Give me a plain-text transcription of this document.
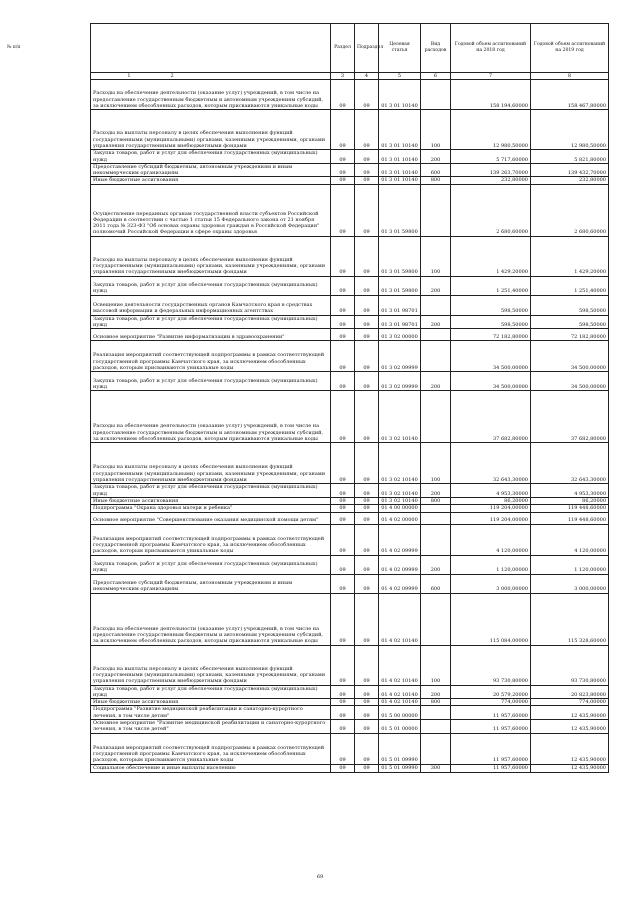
№ п/п	Раздел	Подраздел	Целевая статья	Вид расходов	Годовой объем ассигнований на 2018 год	Годовой объем ассигнований на 2019 год
1 2	3	4	5	6	7	8
Расходы на обеспечение деятельности (оказание услуг) учреждений, в том числе на предоставление государственным бюджетным и автономным учреждениям субсидий, за исключением обособленных расходов, которым присваиваются уникальные коды	09	09	01 3 01 10140		158 194,60000	158 467,80000
Расходы на выплаты персоналу в целях обеспечения выполнения функций государственными (муниципальными) органами, казенными учреждениями, органами управления государственными внебюджетными фондами	09	09	01 3 01 10140	100	12 980,50000	12 980,50000
Закупка товаров, работ и услуг для обеспечения государственных (муниципальных) нужд	09	09	01 3 01 10140	200	5 717,60000	5 821,80000
Предоставление субсидий бюджетным, автономным учреждениям и иным некоммерческим организациям	09	09	01 3 01 10140	600	139 263,70000	139 432,70000
Иные бюджетные ассигнования	09	09	01 3 01 10140	800	232,80000	232,80000
Осуществление переданных органам государственной власти субъектов Российской Федерации в соответствии с частью 1 статьи 15 Федерального закона от 21 ноября 2011 года № 323-ФЗ "Об основах охраны здоровья граждан в Российской Федерации" полномочий Российской Федерации в сфере охраны здоровья	09	09	01 3 01 59800		2 680,60000	2 680,60000
Расходы на выплаты персоналу в целях обеспечения выполнения функций государственными (муниципальными) органами, казенными учреждениями, органами управления государственными внебюджетными фондами	09	09	01 3 01 59800	100	1 429,20000	1 429,20000
Закупка товаров, работ и услуг для обеспечения государственных (муниципальных) нужд	09	09	01 3 01 59800	200	1 251,40000	1 251,40000
Освещение деятельности государственных органов Камчатского края в средствах массовой информации и федеральных информационных агентствах	09	09	01 3 01 98701		598,50000	598,50000
Закупка товаров, работ и услуг для обеспечения государственных (муниципальных) нужд	09	09	01 3 01 98701	200	598,50000	598,50000
Основное мероприятие "Развитие информатизации в здравоохранении"	09	09	01 3 02 00000		72 182,80000	72 182,80000
Реализация мероприятий соответствующей подпрограммы в рамках соответствующей государственной программы Камчатского края, за исключением обособленных расходов, которым присваиваются уникальные коды	09	09	01 3 02 09999		34 500,00000	34 500,00000
Закупка товаров, работ и услуг для обеспечения государственных (муниципальных) нужд	09	09	01 3 02 09999	200	34 500,00000	34 500,00000
Расходы на обеспечение деятельности (оказание услуг) учреждений, в том числе на предоставление государственным бюджетным и автономным учреждениям субсидий, за исключением обособленных расходов, которым присваиваются уникальные коды	09	09	01 3 02 10140		37 682,80000	37 682,80000
Расходы на выплаты персоналу в целях обеспечения выполнения функций государственными (муниципальными) органами, казенными учреждениями, органами управления государственными внебюджетными фондами	09	09	01 3 02 10140	100	32 643,30000	32 643,30000
Закупка товаров, работ и услуг для обеспечения государственных (муниципальных) нужд	09	09	01 3 02 10140	200	4 953,30000	4 953,30000
Иные бюджетные ассигнования	09	09	01 3 02 10140	800	86,20000	86,20000
Подпрограмма "Охрана здоровья матери и ребенка"	09	09	01 4 00 00000		119 204,00000	119 448,60000
Основное мероприятие "Совершенствование оказания медицинской помощи детям"	09	09	01 4 02 00000		119 204,00000	119 448,60000
Реализация мероприятий соответствующей подпрограммы в рамках соответствующей государственной программы Камчатского края, за исключением обособленных расходов, которым присваиваются уникальные коды	09	09	01 4 02 09999		4 120,00000	4 120,00000
Закупка товаров, работ и услуг для обеспечения государственных (муниципальных) нужд	09	09	01 4 02 09999	200	1 120,00000	1 120,00000
Предоставление субсидий бюджетным, автономным учреждениям и иным некоммерческим организациям	09	09	01 4 02 09999	600	3 000,00000	3 000,00000
Расходы на обеспечение деятельности (оказание услуг) учреждений, в том числе на предоставление государственным бюджетным и автономным учреждениям субсидий, за исключением обособленных расходов, которым присваиваются уникальные коды	09	09	01 4 02 10140		115 084,00000	115 328,60000
Расходы на выплаты персоналу в целях обеспечения выполнения функций государственными (муниципальными) органами, казенными учреждениями, органами управления государственными внебюджетными фондами	09	09	01 4 02 10140	100	93 730,80000	93 730,80000
Закупка товаров, работ и услуг для обеспечения государственных (муниципальных) нужд	09	09	01 4 02 10140	200	20 579,20000	20 823,80000
Иные бюджетные ассигнования	09	09	01 4 02 10140	800	774,00000	774,00000
Подпрограмма "Развитие медицинской реабилитации и санаторно-курортного лечения, в том числе детям"	09	09	01 5 00 00000		11 957,60000	12 435,90000
Основное мероприятие "Развитие медицинской реабилитации и санаторно-курортного лечения, в том числе детей"	09	09	01 5 01 00000		11 957,60000	12 435,90000
Реализация мероприятий соответствующей подпрограммы в рамках соответствующей государственной программы Камчатского края, за исключением обособленных расходов, которым присваиваются уникальные коды	09	09	01 5 01 09990		11 957,60000	12 435,90000
Социальное обеспечение и иные выплаты населению	09	09	01 5 01 09990	300	11 957,60000	12 435,90000
69
